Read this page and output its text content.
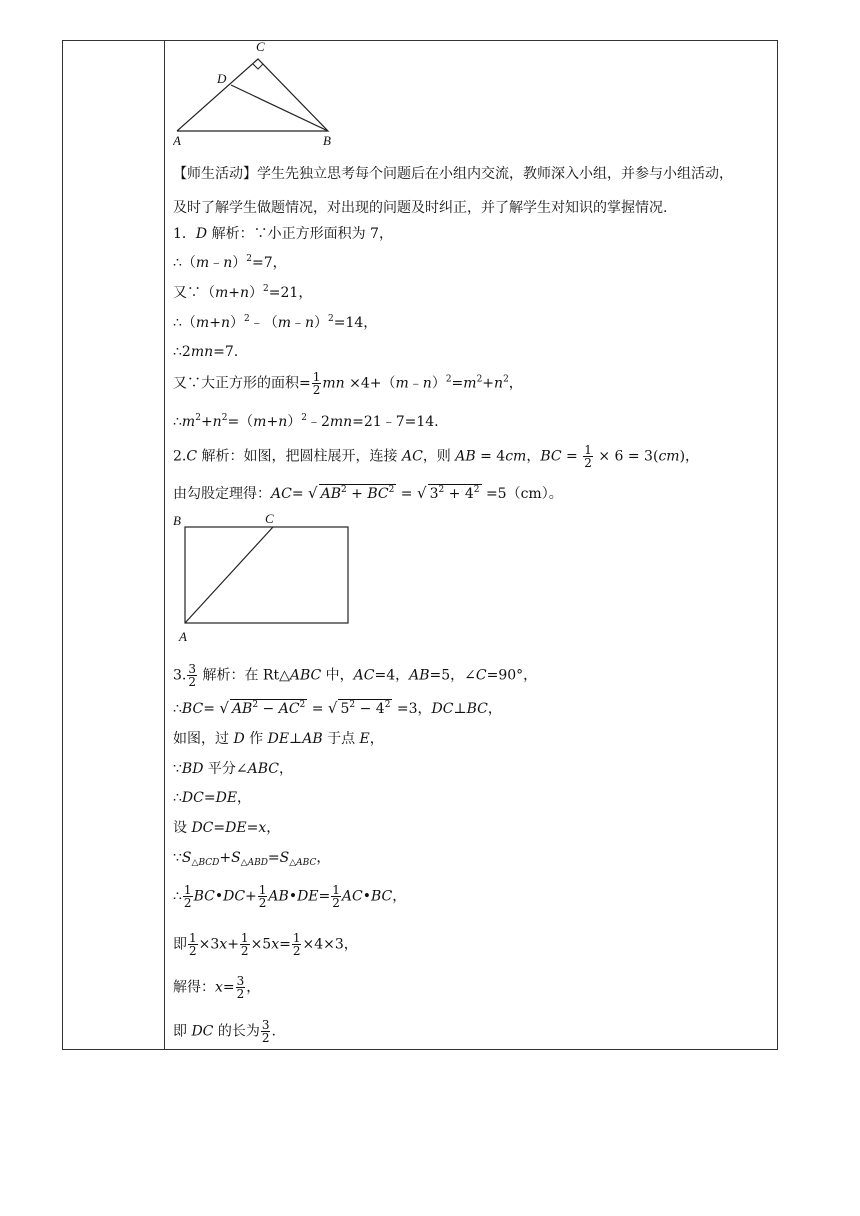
C
D
A	B
【师生活动】学生先独立思考每个问题后在小组内交流，教师深入小组，并参与小组活动，
及时了解学生做题情况，对出现的问题及时纠正，并了解学生对知识的掌握情况.
1．D 解析：∵小正方形面积为 7，
∴（m﹣n）$^2$=7，
又$\because(m+n)^2=21$，
$\therefore(m+n)^2﹣(m﹣n)^2=14$，
∴2mn=7.
又∵大正方形的面积= $\frac{1}{2}$ mn $\times 4+(m﹣n)^2=m^2+n^2$，
$\therefore m^2+n^2=(m+n)^2﹣2mn=21﹣7=14$.
2.C 解析：如图，把圆柱展开，连接 AC，则 AB = 4cm，BC = $\frac{1}{2} \times 6 = 3(cm)$，
由勾股定理得：AC= √ $AB^2 + BC^2$ = √ $3^2 + 4^2 =5(cm)$。
B	C
A
3. $\frac{3}{2}$ 解析：在 Rt△ABC 中，AC=4，AB=5，∠C=90°，
∴BC= √ $AB^2 - AC^2$ = √ $5^2 - 4^2 =3$，DC⊥BC，
如图，过 D 作 DE⊥AB 于点 E，
∵BD 平分∠ABC，
∴DC=DE，
设 DC=DE=x，
$\because S_{\triangle BCD}+S_{\triangle ABD}=S_{\triangle ABC}$，
∴ $\frac{1}{2}$ BC•DC+ $\frac{1}{2}$ AB•DE= $\frac{1}{2}$ AC•BC，
即 $\frac{1}{2} \times 3x+ \frac{1}{2} \times 5x= \frac{1}{2} \times 4\times 3$，
解得：$x= \frac{3}{2}$ ，
即 DC 的长为 $\frac{3}{2}$ .
